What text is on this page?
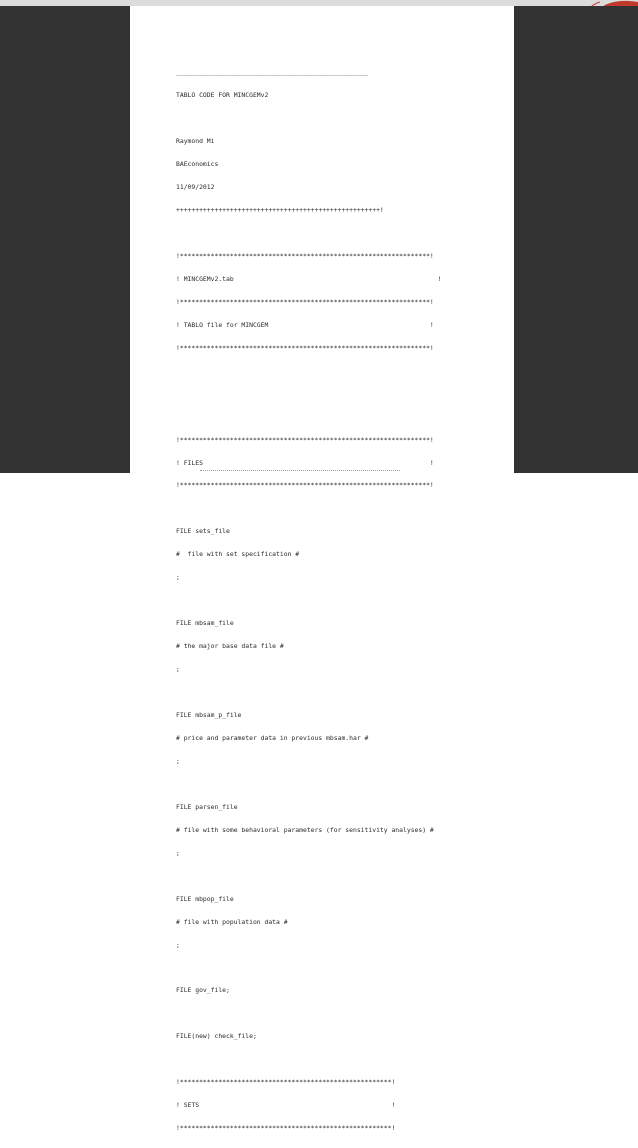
__________________________________________________

TABLO CODE FOR MINCGEMv2

Raymond Mi

BAEconomics

11/09/2012

+++++++++++++++++++++++++++++++++++++++++++++++++++++!

!*****************************************************************!

! MINCGEMv2.tab                                                     !

!*****************************************************************!

! TABLO file for MINCGEM                                          !

!*****************************************************************!

!*****************************************************************!

! FILES                                                           !

!*****************************************************************!

FILE sets_file

#  file with set specification #

;

FILE mbsam_file

# the major base data file #

;

FILE mbsam_p_file

# price and parameter data in previous mbsam.har #

;

FILE parsen_file

# file with some behavioral parameters (for sensitivity analyses) #

;

FILE mbpop_file

# file with population data #

;

FILE gov_file;

FILE(new) check_file;

!*******************************************************!

! SETS                                                  !

!*******************************************************!
